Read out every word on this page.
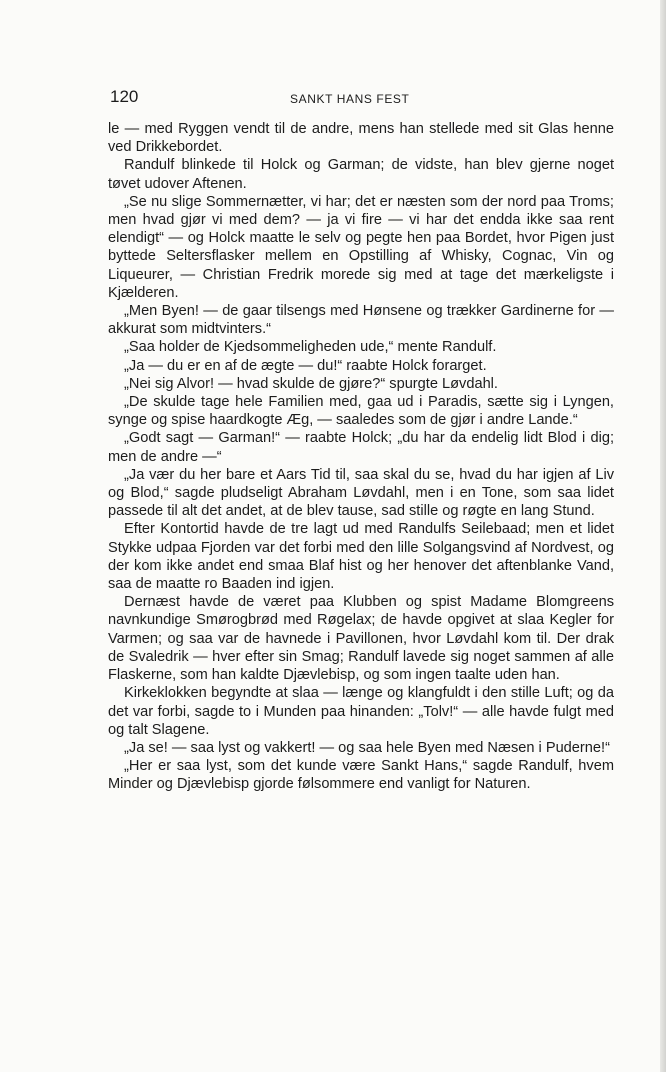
120	SANKT HANS FEST

le — med Ryggen vendt til de andre, mens han stellede med sit Glas henne ved Drikkebordet.

Randulf blinkede til Holck og Garman; de vidste, han blev gjerne noget tøvet udover Aftenen.

„Se nu slige Sommernætter, vi har; det er næsten som der nord paa Troms; men hvad gjør vi med dem? — ja vi fire — vi har det endda ikke saa rent elendigt“ — og Holck maatte le selv og pegte hen paa Bordet, hvor Pigen just byttede Seltersflasker mellem en Opstilling af Whisky, Cognac, Vin og Liqueurer, — Christian Fredrik morede sig med at tage det mærkeligste i Kjælderen.

„Men Byen! — de gaar tilsengs med Hønsene og trækker Gardinerne for — akkurat som midtvinters.“

„Saa holder de Kjedsommeligheden ude,“ mente Randulf.

„Ja — du er en af de ægte — du!“ raabte Holck forarget.

„Nei sig Alvor! — hvad skulde de gjøre?“ spurgte Løvdahl.

„De skulde tage hele Familien med, gaa ud i Paradis, sætte sig i Lyngen, synge og spise haardkogte Æg, — saaledes som de gjør i andre Lande.“

„Godt sagt — Garman!“ — raabte Holck; „du har da endelig lidt Blod i dig; men de andre —“

„Ja vær du her bare et Aars Tid til, saa skal du se, hvad du har igjen af Liv og Blod,“ sagde pludseligt Abraham Løvdahl, men i en Tone, som saa lidet passede til alt det andet, at de blev tause, sad stille og røgte en lang Stund.

Efter Kontortid havde de tre lagt ud med Randulfs Seilebaad; men et lidet Stykke udpaa Fjorden var det forbi med den lille Solgangsvind af Nordvest, og der kom ikke andet end smaa Blaf hist og her henover det aftenblanke Vand, saa de maatte ro Baaden ind igjen.

Dernæst havde de været paa Klubben og spist Madame Blomgreens navnkundige Smørogbrød med Røgelax; de havde opgivet at slaa Kegler for Varmen; og saa var de havnede i Pavillonen, hvor Løvdahl kom til. Der drak de Svaledrik — hver efter sin Smag; Randulf lavede sig noget sammen af alle Flaskerne, som han kaldte Djævlebisp, og som ingen taalte uden han.

Kirkeklokken begyndte at slaa — længe og klangfuldt i den stille Luft; og da det var forbi, sagde to i Munden paa hinanden: „Tolv!“ — alle havde fulgt med og talt Slagene.

„Ja se! — saa lyst og vakkert! — og saa hele Byen med Næsen i Puderne!“

„Her er saa lyst, som det kunde være Sankt Hans,“ sagde Randulf, hvem Minder og Djævlebisp gjorde følsommere end vanligt for Naturen.
